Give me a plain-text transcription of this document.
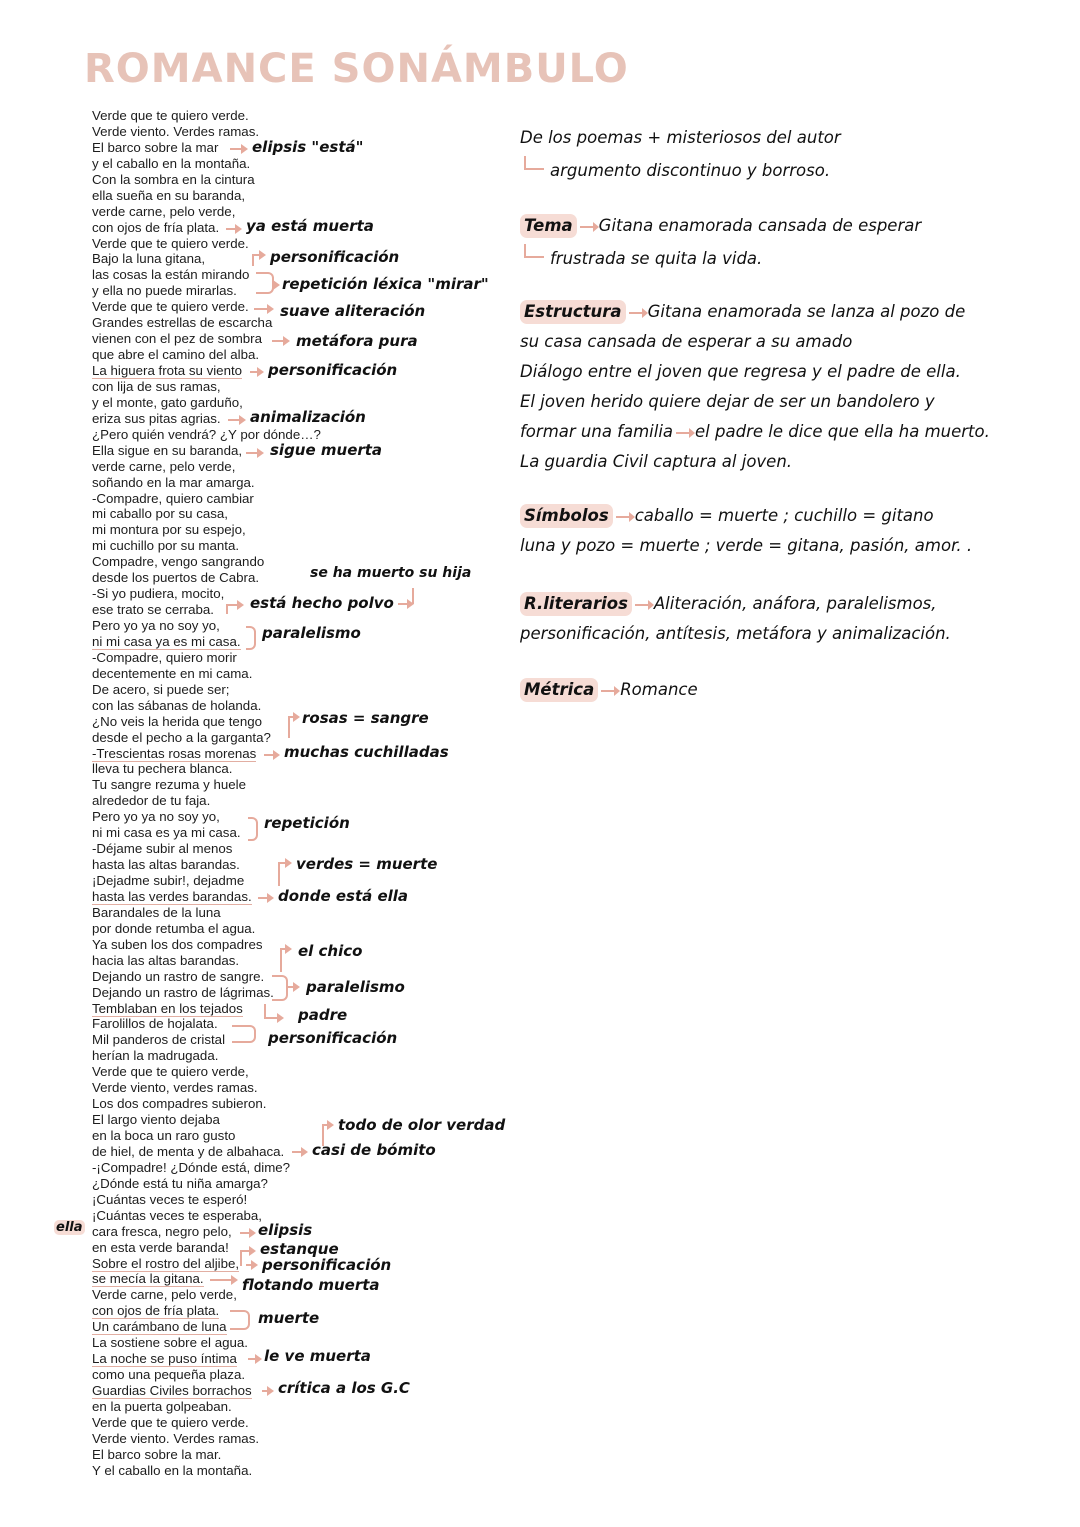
ROMANCE SONÁMBULO
Verde que te quiero verde.
Verde viento. Verdes ramas.
El barco sobre la mar
y el caballo en la montaña.
Con la sombra en la cintura
ella sueña en su baranda,
verde carne, pelo verde,
con ojos de fría plata.
Verde que te quiero verde.
Bajo la luna gitana,
las cosas la están mirando
y ella no puede mirarlas.
Verde que te quiero verde.
Grandes estrellas de escarcha
vienen con el pez de sombra
que abre el camino del alba.
La higuera frota su viento
con lija de sus ramas,
y el monte, gato garduño,
eriza sus pitas agrias.
¿Pero quién vendrá? ¿Y por dónde…?
Ella sigue en su baranda,
verde carne, pelo verde,
soñando en la mar amarga.
-Compadre, quiero cambiar
mi caballo por su casa,
mi montura por su espejo,
mi cuchillo por su manta.
Compadre, vengo sangrando
desde los puertos de Cabra.
-Si yo pudiera, mocito,
ese trato se cerraba.
Pero yo ya no soy yo,
ni mi casa ya es mi casa.
-Compadre, quiero morir
decentemente en mi cama.
De acero, si puede ser;
con las sábanas de holanda.
¿No veis la herida que tengo
desde el pecho a la garganta?
-Trescientas rosas morenas
lleva tu pechera blanca.
Tu sangre rezuma y huele
alrededor de tu faja.
Pero yo ya no soy yo,
ni mi casa es ya mi casa.
-Déjame subir al menos
hasta las altas barandas.
¡Dejadme subir!, dejadme
hasta las verdes barandas.
Barandales de la luna
por donde retumba el agua.
Ya suben los dos compadres
hacia las altas barandas.
Dejando un rastro de sangre.
Dejando un rastro de lágrimas.
Temblaban en los tejados
Farolillos de hojalata.
Mil panderos de cristal
herían la madrugada.
Verde que te quiero verde,
Verde viento, verdes ramas.
Los dos compadres subieron.
El largo viento dejaba
en la boca un raro gusto
de hiel, de menta y de albahaca.
-¡Compadre! ¿Dónde está, dime?
¿Dónde está tu niña amarga?
¡Cuántas veces te esperó!
¡Cuántas veces te esperaba,
cara fresca, negro pelo,
en esta verde baranda!
Sobre el rostro del aljibe,
se mecía la gitana.
Verde carne, pelo verde,
con ojos de fría plata.
Un carámbano de luna
La sostiene sobre el agua.
La noche se puso íntima
como una pequeña plaza.
Guardias Civiles borrachos
en la puerta golpeaban.
Verde que te quiero verde.
Verde viento. Verdes ramas.
El barco sobre la mar.
Y el caballo en la montaña.
elipsis "está"
ya está muerta
personificación
repetición léxica "mirar"
suave aliteración
metáfora pura
personificación
animalización
sigue muerta
se ha muerto su hija
está hecho polvo
paralelismo
rosas = sangre
muchas cuchilladas
repetición
verdes = muerte
donde está ella
el chico
paralelismo
padre
personificación
todo de olor verdad
casi de bómito
ella	elipsis
estanque
personificación
flotando muerta
muerte
le ve muerta
crítica a los G.C
De los poemas + misteriosos del autor
argumento discontinuo y borroso.
Tema Gitana enamorada cansada de esperar
frustrada se quita la vida.
Estructura Gitana enamorada se lanza al pozo de
su casa cansada de esperar a su amado
Diálogo entre el joven que regresa y el padre de ella.
El joven herido quiere dejar de ser un bandolero y
formar una familia el padre le dice que ella ha muerto.
La guardia Civil captura al joven.
Símbolos caballo = muerte ; cuchillo = gitano
luna y pozo = muerte ; verde = gitana, pasión, amor. .
R.literarios Aliteración, anáfora, paralelismos,
personificación, antítesis, metáfora y animalización.
Métrica Romance
